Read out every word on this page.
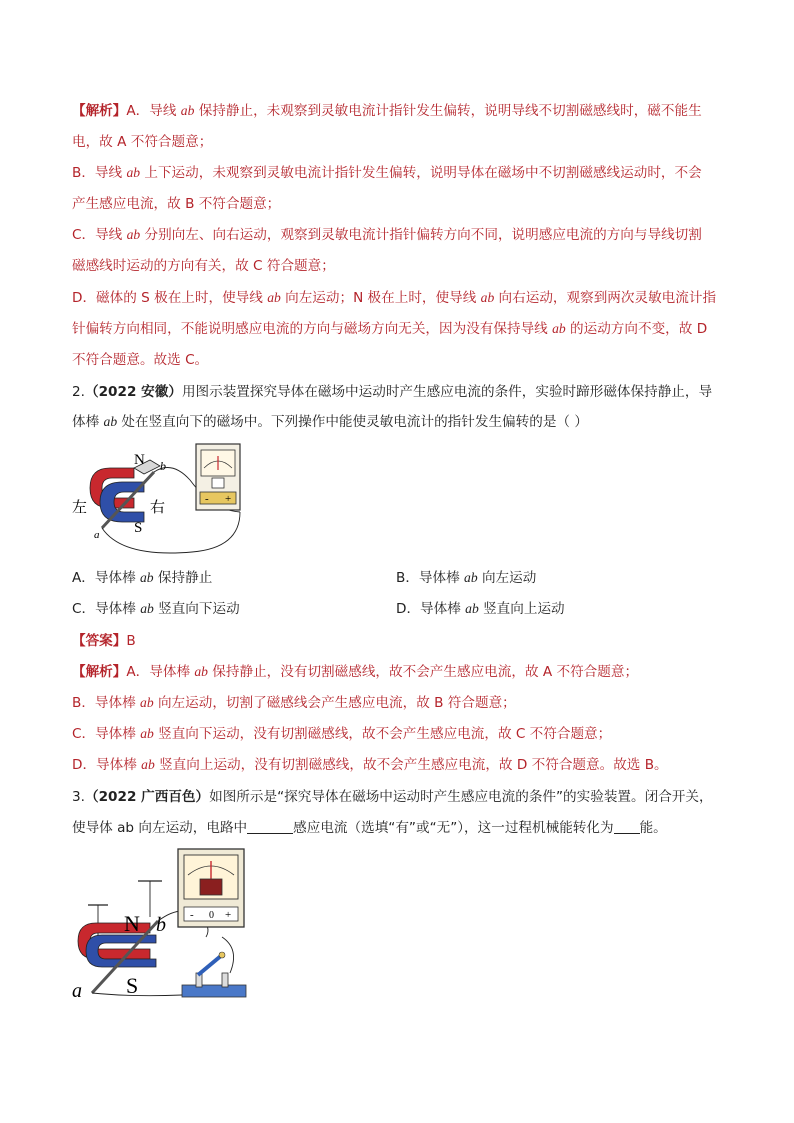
【解析】A．导线 ab 保持静止，未观察到灵敏电流计指针发生偏转，说明导线不切割磁感线时，磁不能生
电，故 A 不符合题意；
B．导线 ab 上下运动，未观察到灵敏电流计指针发生偏转，说明导体在磁场中不切割磁感线运动时，不会
产生感应电流，故 B 不符合题意；
C．导线 ab 分别向左、向右运动，观察到灵敏电流计指针偏转方向不同，说明感应电流的方向与导线切割
磁感线时运动的方向有关，故 C 符合题意；
D．磁体的 S 极在上时，使导线 ab 向左运动；N 极在上时，使导线 ab 向右运动，观察到两次灵敏电流计指
针偏转方向相同，不能说明感应电流的方向与磁场方向无关，因为没有保持导线 ab 的运动方向不变，故 D
不符合题意。故选 C。
2.（2022 安徽）用图示装置探究导体在磁场中运动时产生感应电流的条件，实验时蹄形磁体保持静止，导
体棒 ab 处在竖直向下的磁场中。下列操作中能使灵敏电流计的指针发生偏转的是（ ）
N b
左	右
S
a
- +
A．导体棒 ab 保持静止	B．导体棒 ab 向左运动
C．导体棒 ab 竖直向下运动	D．导体棒 ab 竖直向上运动
【答案】B
【解析】A．导体棒 ab 保持静止，没有切割磁感线，故不会产生感应电流，故 A 不符合题意；
B．导体棒 ab 向左运动，切割了磁感线会产生感应电流，故 B 符合题意；
C．导体棒 ab 竖直向下运动，没有切割磁感线，故不会产生感应电流，故 C 不符合题意；
D．导体棒 ab 竖直向上运动，没有切割磁感线，故不会产生感应电流，故 D 不符合题意。故选 B。
3.（2022 广西百色）如图所示是“探究导体在磁场中运动时产生感应电流的条件”的实验装置。闭合开关，
使导体 ab 向左运动，电路中	感应电流（选填“有”或“无”），这一过程机械能转化为 能。
N b
S
a
- 0 +
